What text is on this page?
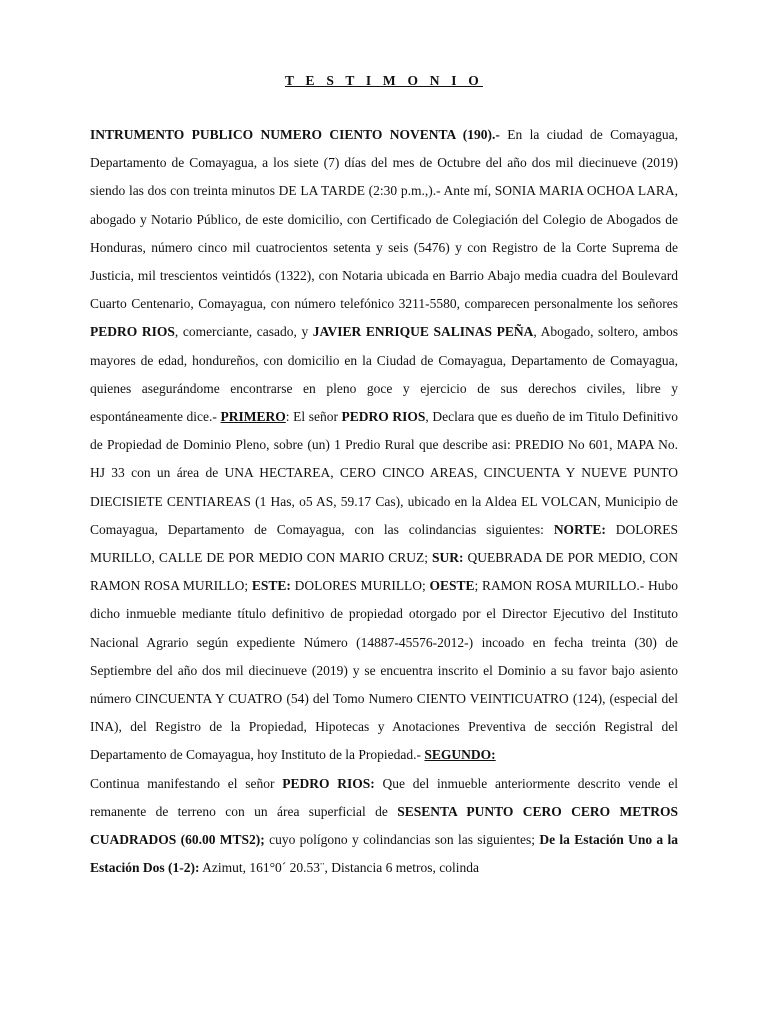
T E S T I M O N I O

INTRUMENTO PUBLICO NUMERO CIENTO NOVENTA (190).- En la ciudad de Comayagua, Departamento de Comayagua, a los siete (7) días del mes de Octubre del año dos mil diecinueve (2019) siendo las dos con treinta minutos DE LA TARDE (2:30 p.m.,).- Ante mí, SONIA MARIA OCHOA LARA, abogado y Notario Público, de este domicilio, con Certificado de Colegiación del Colegio de Abogados de Honduras, número cinco mil cuatrocientos setenta y seis (5476) y con Registro de la Corte Suprema de Justicia, mil trescientos veintidós (1322), con Notaria ubicada en Barrio Abajo media cuadra del Boulevard Cuarto Centenario, Comayagua, con número telefónico 3211-5580, comparecen personalmente los señores PEDRO RIOS, comerciante, casado, y JAVIER ENRIQUE SALINAS PEÑA, Abogado, soltero, ambos mayores de edad, hondureños, con domicilio en la Ciudad de Comayagua, Departamento de Comayagua, quienes asegurándome encontrarse en pleno goce y ejercicio de sus derechos civiles, libre y espontáneamente dice.- PRIMERO: El señor PEDRO RIOS, Declara que es dueño de im Titulo Definitivo de Propiedad de Dominio Pleno, sobre (un) 1 Predio Rural que describe asi: PREDIO No 601, MAPA No. HJ 33 con un área de UNA HECTAREA, CERO CINCO AREAS, CINCUENTA Y NUEVE PUNTO DIECISIETE CENTIAREAS (1 Has, o5 AS, 59.17 Cas), ubicado en la Aldea EL VOLCAN, Municipio de Comayagua, Departamento de Comayagua, con las colindancias siguientes: NORTE: DOLORES MURILLO, CALLE DE POR MEDIO CON MARIO CRUZ; SUR: QUEBRADA DE POR MEDIO, CON RAMON ROSA MURILLO; ESTE: DOLORES MURILLO; OESTE; RAMON ROSA MURILLO.- Hubo dicho inmueble mediante título definitivo de propiedad otorgado por el Director Ejecutivo del Instituto Nacional Agrario según expediente Número (14887-45576-2012-) incoado en fecha treinta (30) de Septiembre del año dos mil diecinueve (2019) y se encuentra inscrito el Dominio a su favor bajo asiento número CINCUENTA Y CUATRO (54) del Tomo Numero CIENTO VEINTICUATRO (124), (especial del INA), del Registro de la Propiedad, Hipotecas y Anotaciones Preventiva de sección Registral del Departamento de Comayagua, hoy Instituto de la Propiedad.- SEGUNDO:

Continua manifestando el señor PEDRO RIOS: Que del inmueble anteriormente descrito vende el remanente de terreno con un área superficial de SESENTA PUNTO CERO CERO METROS CUADRADOS (60.00 MTS2); cuyo polígono y colindancias son las siguientes; De la Estación Uno a la Estación Dos (1-2): Azimut, 161°0´ 20.53¨, Distancia 6 metros, colinda
